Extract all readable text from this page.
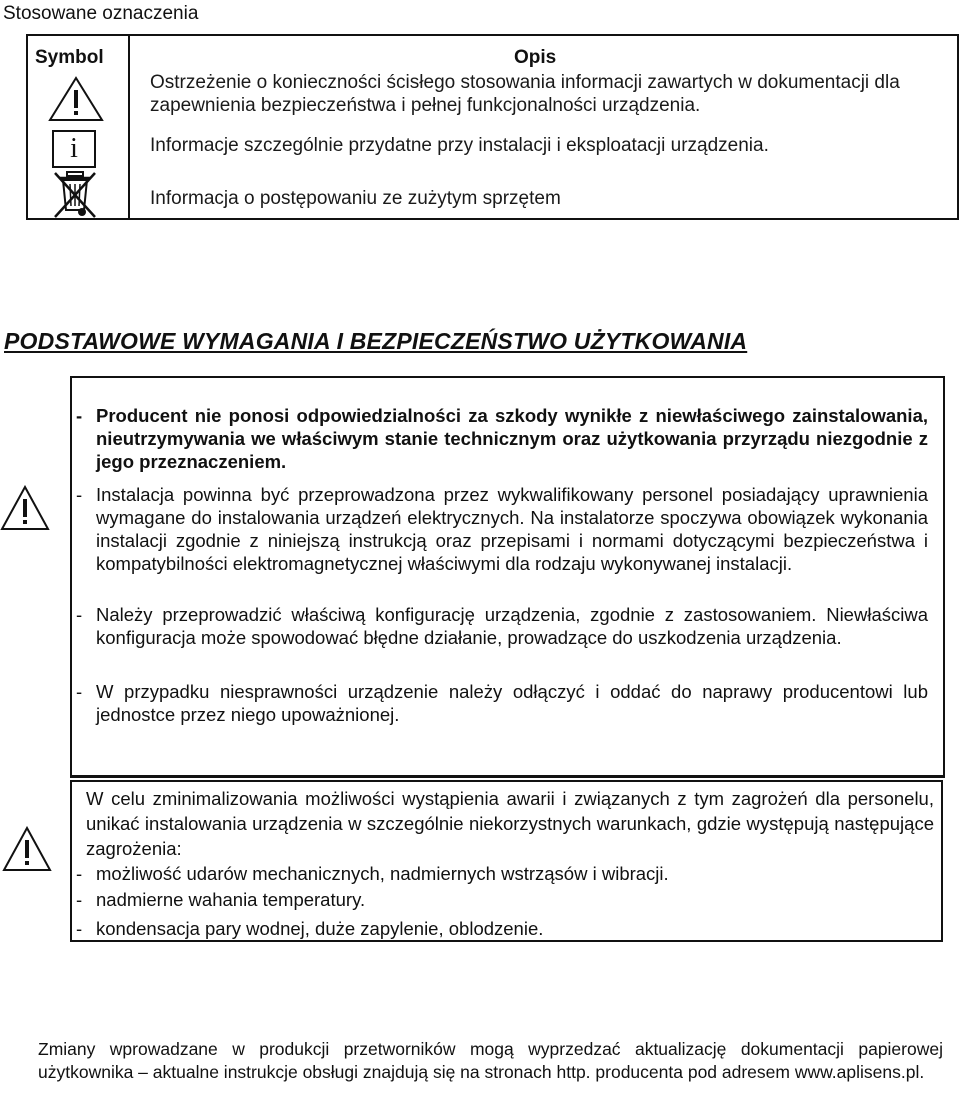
Stosowane oznaczenia
Symbol	Opis
i
Ostrzeżenie o konieczności ścisłego stosowania informacji zawartych w dokumentacji dla zapewnienia bezpieczeństwa i pełnej funkcjonalności urządzenia.
Informacje szczególnie przydatne przy instalacji i eksploatacji urządzenia.
Informacja o postępowaniu ze zużytym sprzętem
PODSTAWOWE WYMAGANIA I BEZPIECZEŃSTWO UŻYTKOWANIA
- Producent nie ponosi odpowiedzialności za szkody wynikłe z niewłaściwego zainstalowania, nieutrzymywania we właściwym stanie technicznym oraz użytkowania przyrządu niezgodnie z jego przeznaczeniem.
- Instalacja powinna być przeprowadzona przez wykwalifikowany personel posiadający uprawnienia wymagane do instalowania urządzeń elektrycznych. Na instalatorze spoczywa obowiązek wykonania instalacji zgodnie z niniejszą instrukcją oraz przepisami i normami dotyczącymi bezpieczeństwa i kompatybilności elektromagnetycznej właściwymi dla rodzaju wykonywanej instalacji.
- Należy przeprowadzić właściwą konfigurację urządzenia, zgodnie z zastosowaniem. Niewłaściwa konfiguracja może spowodować błędne działanie, prowadzące do uszkodzenia urządzenia.
- W przypadku niesprawności urządzenie należy odłączyć i oddać do naprawy producentowi lub jednostce przez niego upoważnionej.
W celu zminimalizowania możliwości wystąpienia awarii i związanych z tym zagrożeń dla personelu, unikać instalowania urządzenia w szczególnie niekorzystnych warunkach, gdzie występują następujące zagrożenia:
- możliwość udarów mechanicznych, nadmiernych wstrząsów i wibracji.
- nadmierne wahania temperatury.
- kondensacja pary wodnej, duże zapylenie, oblodzenie.
Zmiany wprowadzane w produkcji przetworników mogą wyprzedzać aktualizację dokumentacji papierowej użytkownika – aktualne instrukcje obsługi znajdują się na stronach http. producenta pod adresem www.aplisens.pl.
